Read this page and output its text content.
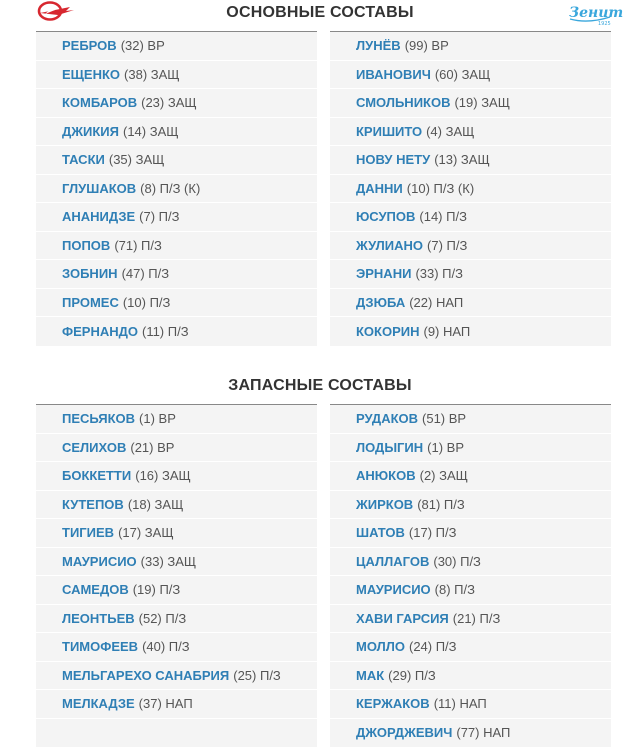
ОСНОВНЫЕ СОСТАВЫ	Зенит
1925
РЕБРОВ (32) ВР
ЕЩЕНКО (38) ЗАЩ
КОМБАРОВ (23) ЗАЩ
ДЖИКИЯ (14) ЗАЩ
ТАСКИ (35) ЗАЩ
ГЛУШАКОВ (8) П/З (К)
АНАНИДЗЕ (7) П/З
ПОПОВ (71) П/З
ЗОБНИН (47) П/З
ПРОМЕС (10) П/З
ФЕРНАНДО (11) П/З
ЛУНЁВ (99) ВР
ИВАНОВИЧ (60) ЗАЩ
СМОЛЬНИКОВ (19) ЗАЩ
КРИШИТО (4) ЗАЩ
НОВУ НЕТУ (13) ЗАЩ
ДАННИ (10) П/З (К)
ЮСУПОВ (14) П/З
ЖУЛИАНО (7) П/З
ЭРНАНИ (33) П/З
ДЗЮБА (22) НАП
КОКОРИН (9) НАП
ЗАПАСНЫЕ СОСТАВЫ
ПЕСЬЯКОВ (1) ВР
СЕЛИХОВ (21) ВР
БОККЕТТИ (16) ЗАЩ
КУТЕПОВ (18) ЗАЩ
ТИГИЕВ (17) ЗАЩ
МАУРИСИО (33) ЗАЩ
САМЕДОВ (19) П/З
ЛЕОНТЬЕВ (52) П/З
ТИМОФЕЕВ (40) П/З
МЕЛЬГАРЕХО САНАБРИЯ (25) П/З
МЕЛКАДЗЕ (37) НАП
РУДАКОВ (51) ВР
ЛОДЫГИН (1) ВР
АНЮКОВ (2) ЗАЩ
ЖИРКОВ (81) П/З
ШАТОВ (17) П/З
ЦАЛЛАГОВ (30) П/З
МАУРИСИО (8) П/З
ХАВИ ГАРСИЯ (21) П/З
МОЛЛО (24) П/З
МАК (29) П/З
КЕРЖАКОВ (11) НАП
ДЖОРДЖЕВИЧ (77) НАП
